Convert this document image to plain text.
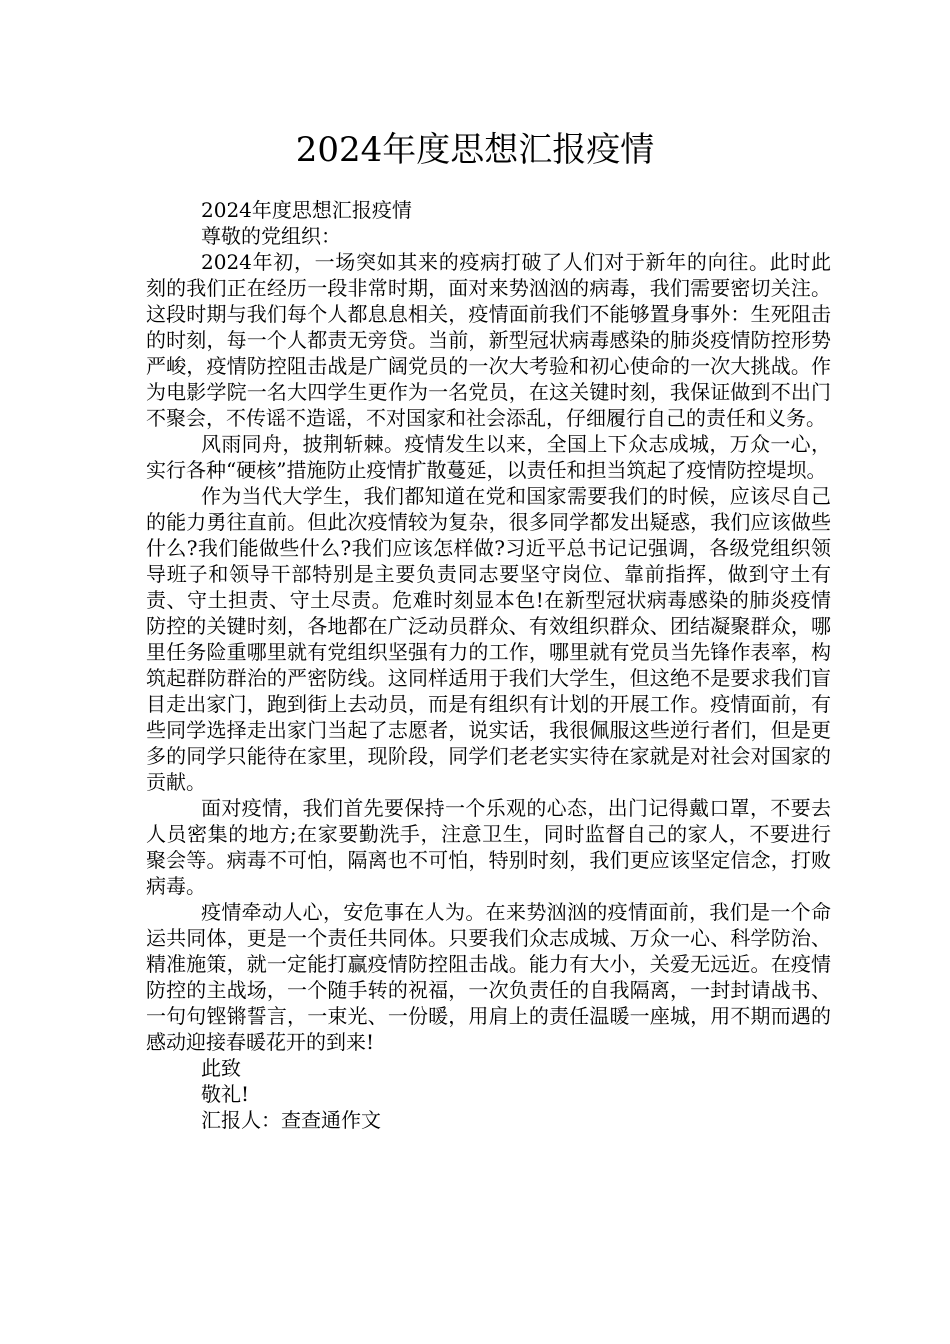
2024年度思想汇报疫情

2024年度思想汇报疫情

尊敬的党组织：

2024年初，一场突如其来的疫病打破了人们对于新年的向往。此时此刻的我们正在经历一段非常时期，面对来势汹汹的病毒，我们需要密切关注。这段时期与我们每个人都息息相关，疫情面前我们不能够置身事外：生死阻击的时刻，每一个人都责无旁贷。当前，新型冠状病毒感染的肺炎疫情防控形势严峻，疫情防控阻击战是广阔党员的一次大考验和初心使命的一次大挑战。作为电影学院一名大四学生更作为一名党员，在这关键时刻，我保证做到不出门不聚会，不传谣不造谣，不对国家和社会添乱，仔细履行自己的责任和义务。

风雨同舟，披荆斩棘。疫情发生以来，全国上下众志成城，万众一心，实行各种“硬核”措施防止疫情扩散蔓延，以责任和担当筑起了疫情防控堤坝。

作为当代大学生，我们都知道在党和国家需要我们的时候，应该尽自己的能力勇往直前。但此次疫情较为复杂，很多同学都发出疑惑，我们应该做些什么?我们能做些什么?我们应该怎样做?习近平总书记记强调，各级党组织领导班子和领导干部特别是主要负责同志要坚守岗位、靠前指挥，做到守土有责、守土担责、守土尽责。危难时刻显本色!在新型冠状病毒感染的肺炎疫情防控的关键时刻，各地都在广泛动员群众、有效组织群众、团结凝聚群众，哪里任务险重哪里就有党组织坚强有力的工作，哪里就有党员当先锋作表率，构筑起群防群治的严密防线。这同样适用于我们大学生，但这绝不是要求我们盲目走出家门，跑到街上去动员，而是有组织有计划的开展工作。疫情面前，有些同学选择走出家门当起了志愿者，说实话，我很佩服这些逆行者们，但是更多的同学只能待在家里，现阶段，同学们老老实实待在家就是对社会对国家的贡献。

面对疫情，我们首先要保持一个乐观的心态，出门记得戴口罩，不要去人员密集的地方;在家要勤洗手，注意卫生，同时监督自己的家人，不要进行聚会等。病毒不可怕，隔离也不可怕，特别时刻，我们更应该坚定信念，打败病毒。

疫情牵动人心，安危事在人为。在来势汹汹的疫情面前，我们是一个命运共同体，更是一个责任共同体。只要我们众志成城、万众一心、科学防治、精准施策，就一定能打赢疫情防控阻击战。能力有大小，关爱无远近。在疫情防控的主战场，一个随手转的祝福，一次负责任的自我隔离，一封封请战书、一句句铿锵誓言，一束光、一份暖，用肩上的责任温暖一座城，用不期而遇的感动迎接春暖花开的到来!

此致

敬礼!

汇报人：查查通作文
